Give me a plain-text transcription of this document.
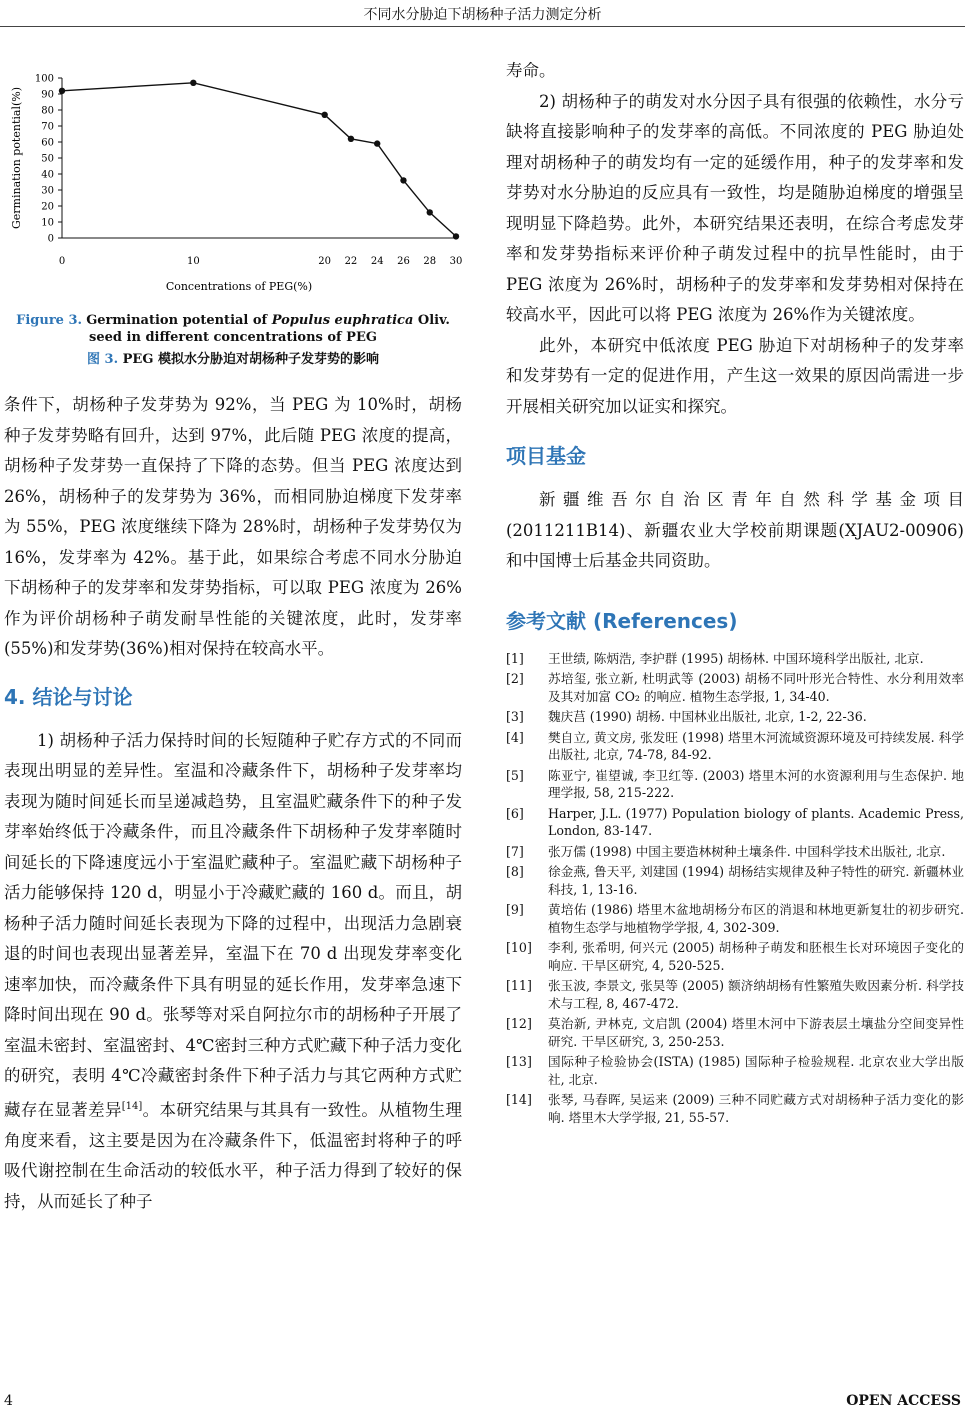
不同水分胁迫下胡杨种子活力测定分析
0
10
20
30
40
50
60
70
80
90
100
0	10	20 22 24 26 28 30
Germination potential(%)
Concentrations of PEG(%)
Figure 3. Germination potential of Populus euphratica Oliv. seed in different concentrations of PEG
图 3. PEG 模拟水分胁迫对胡杨种子发芽势的影响

条件下，胡杨种子发芽势为 92%，当 PEG 为 10%时，胡杨种子发芽势略有回升，达到 97%，此后随 PEG 浓度的提高，胡杨种子发芽势一直保持了下降的态势。但当 PEG 浓度达到 26%，胡杨种子的发芽势为 36%，而相同胁迫梯度下发芽率为 55%，PEG 浓度继续下降为 28%时，胡杨种子发芽势仅为 16%，发芽率为 42%。基于此，如果综合考虑不同水分胁迫下胡杨种子的发芽率和发芽势指标，可以取 PEG 浓度为 26%作为评价胡杨种子萌发耐旱性能的关键浓度，此时，发芽率(55%)和发芽势(36%)相对保持在较高水平。

4. 结论与讨论

1) 胡杨种子活力保持时间的长短随种子贮存方式的不同而表现出明显的差异性。室温和冷藏条件下，胡杨种子发芽率均表现为随时间延长而呈递减趋势，且室温贮藏条件下的种子发芽率始终低于冷藏条件，而且冷藏条件下胡杨种子发芽率随时间延长的下降速度远小于室温贮藏种子。室温贮藏下胡杨种子活力能够保持 120 d，明显小于冷藏贮藏的 160 d。而且，胡杨种子活力随时间延长表现为下降的过程中，出现活力急剧衰退的时间也表现出显著差异，室温下在 70 d 出现发芽率变化速率加快，而冷藏条件下具有明显的延长作用，发芽率急速下降时间出现在 90 d。张琴等对采自阿拉尔市的胡杨种子开展了室温未密封、室温密封、4℃密封三种方式贮藏下种子活力变化的研究，表明 4℃冷藏密封条件下种子活力与其它两种方式贮藏存在显著差异[14]。本研究结果与其具有一致性。从植物生理角度来看，这主要是因为在冷藏条件下，低温密封将种子的呼吸代谢控制在生命活动的较低水平，种子活力得到了较好的保持，从而延长了种子

寿命。

2) 胡杨种子的萌发对水分因子具有很强的依赖性，水分亏缺将直接影响种子的发芽率的高低。不同浓度的 PEG 胁迫处理对胡杨种子的萌发均有一定的延缓作用，种子的发芽率和发芽势对水分胁迫的反应具有一致性，均是随胁迫梯度的增强呈现明显下降趋势。此外，本研究结果还表明，在综合考虑发芽率和发芽势指标来评价种子萌发过程中的抗旱性能时，由于 PEG 浓度为 26%时，胡杨种子的发芽率和发芽势相对保持在较高水平，因此可以将 PEG 浓度为 26%作为关键浓度。

此外，本研究中低浓度 PEG 胁迫下对胡杨种子的发芽率和发芽势有一定的促进作用，产生这一效果的原因尚需进一步开展相关研究加以证实和探究。

项目基金

新疆维吾尔自治区青年自然科学基金项目(2011211B14)、新疆农业大学校前期课题(XJAU2-00906)和中国博士后基金共同资助。

参考文献 (References)
[1]	王世绩, 陈炳浩, 李护群 (1995) 胡杨林. 中国环境科学出版社, 北京.
[2]	苏培玺, 张立新, 杜明武等 (2003) 胡杨不同叶形光合特性、水分利用效率及其对加富 CO₂ 的响应. 植物生态学报, 1, 34-40.
[3]	魏庆莒 (1990) 胡杨. 中国林业出版社, 北京, 1-2, 22-36.
[4]	樊自立, 黄文房, 张发旺 (1998) 塔里木河流域资源环境及可持续发展. 科学出版社, 北京, 74-78, 84-92.
[5]	陈亚宁, 崔望诚, 李卫红等. (2003) 塔里木河的水资源利用与生态保护. 地理学报, 58, 215-222.
[6]	Harper, J.L. (1977) Population biology of plants. Academic Press, London, 83-147.
[7]	张万儒 (1998) 中国主要造林树种土壤条件. 中国科学技术出版社, 北京.
[8]	徐金燕, 鲁天平, 刘建国 (1994) 胡杨结实规律及种子特性的研究. 新疆林业科技, 1, 13-16.
[9]	黄培佑 (1986) 塔里木盆地胡杨分布区的消退和林地更新复壮的初步研究. 植物生态学与地植物学学报, 4, 302-309.
[10]	李利, 张希明, 何兴元 (2005) 胡杨种子萌发和胚根生长对环境因子变化的响应. 干旱区研究, 4, 520-525.
[11]	张玉波, 李景文, 张昊等 (2005) 额济纳胡杨有性繁殖失败因素分析. 科学技术与工程, 8, 467-472.
[12]	莫治新, 尹林克, 文启凯 (2004) 塔里木河中下游表层土壤盐分空间变异性研究. 干旱区研究, 3, 250-253.
[13]	国际种子检验协会(ISTA) (1985) 国际种子检验规程. 北京农业大学出版社, 北京.
[14]	张琴, 马春晖, 吴运来 (2009) 三种不同贮藏方式对胡杨种子活力变化的影响. 塔里木大学学报, 21, 55-57.
4	OPEN ACCESS
